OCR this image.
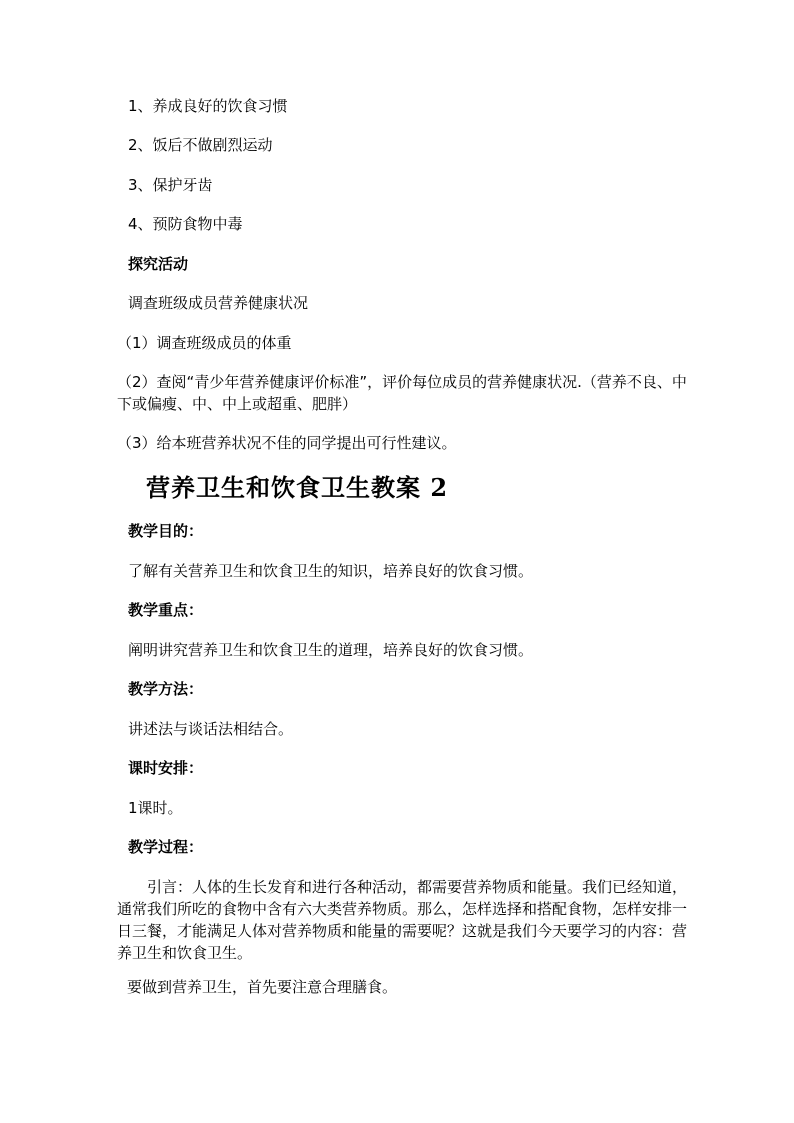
1、养成良好的饮食习惯

2、饭后不做剧烈运动

3、保护牙齿

4、预防食物中毒

探究活动

调查班级成员营养健康状况

（1）调查班级成员的体重

（2）查阅“青少年营养健康评价标准”，评价每位成员的营养健康状况.（营养不良、中下或偏瘦、中、中上或超重、肥胖）

（3）给本班营养状况不佳的同学提出可行性建议。

营养卫生和饮食卫生教案 2

教学目的：

了解有关营养卫生和饮食卫生的知识，培养良好的饮食习惯。

教学重点：

阐明讲究营养卫生和饮食卫生的道理，培养良好的饮食习惯。

教学方法：

讲述法与谈话法相结合。

课时安排：

1课时。

教学过程：

引言：人体的生长发育和进行各种活动，都需要营养物质和能量。我们已经知道，通常我们所吃的食物中含有六大类营养物质。那么，怎样选择和搭配食物，怎样安排一日三餐，才能满足人体对营养物质和能量的需要呢？这就是我们今天要学习的内容：营养卫生和饮食卫生。

要做到营养卫生，首先要注意合理膳食。
